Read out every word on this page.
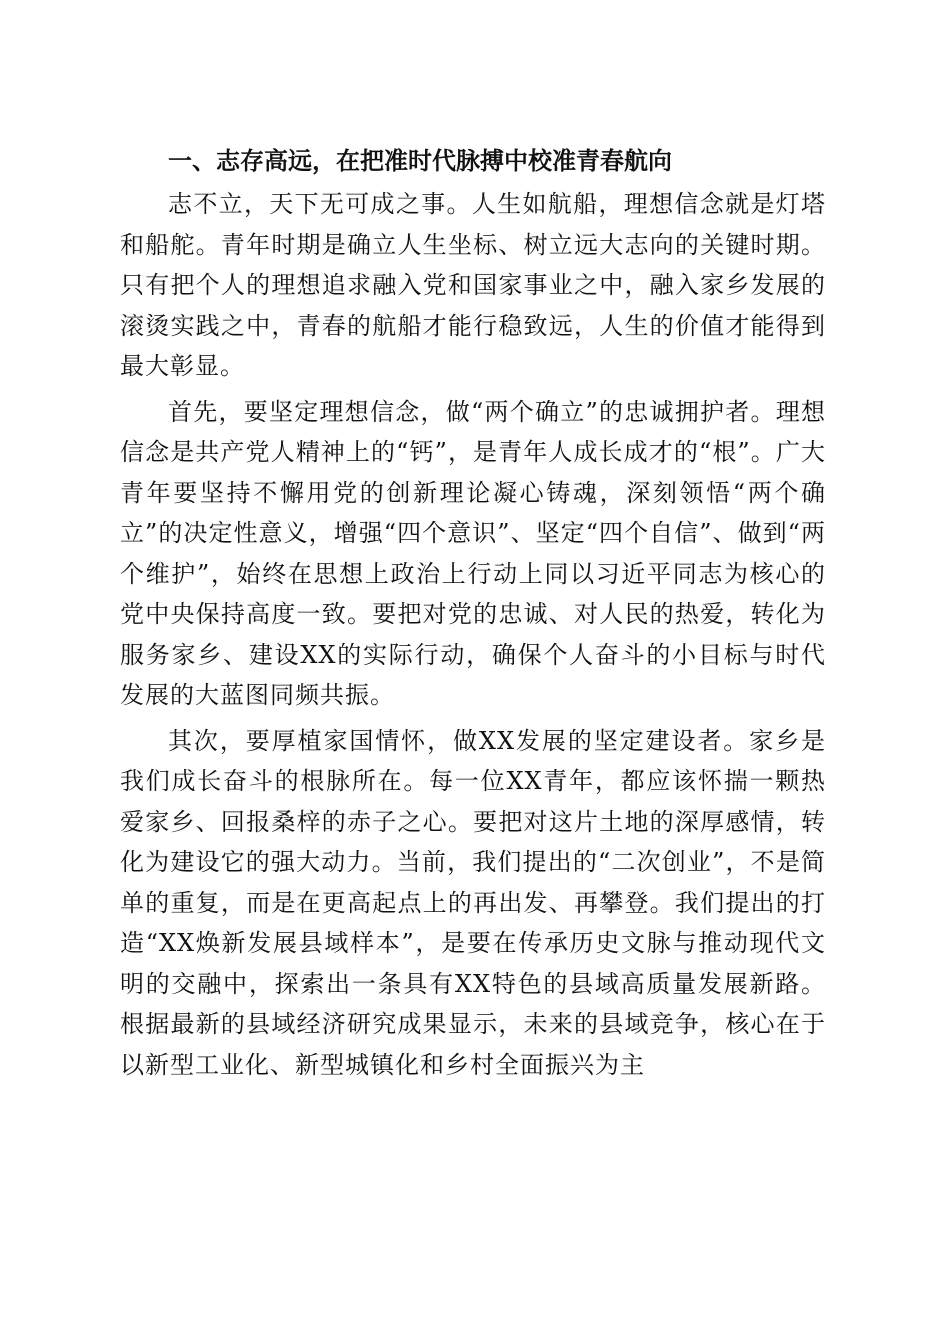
一、志存高远，在把准时代脉搏中校准青春航向

志不立，天下无可成之事。人生如航船，理想信念就是灯塔和船舵。青年时期是确立人生坐标、树立远大志向的关键时期。只有把个人的理想追求融入党和国家事业之中，融入家乡发展的滚烫实践之中，青春的航船才能行稳致远，人生的价值才能得到最大彰显。

首先，要坚定理想信念，做“两个确立”的忠诚拥护者。理想信念是共产党人精神上的“钙”，是青年人成长成才的“根”。广大青年要坚持不懈用党的创新理论凝心铸魂，深刻领悟“两个确立”的决定性意义，增强“四个意识”、坚定“四个自信”、做到“两个维护”，始终在思想上政治上行动上同以习近平同志为核心的党中央保持高度一致。要把对党的忠诚、对人民的热爱，转化为服务家乡、建设XX的实际行动，确保个人奋斗的小目标与时代发展的大蓝图同频共振。

其次，要厚植家国情怀，做XX发展的坚定建设者。家乡是我们成长奋斗的根脉所在。每一位XX青年，都应该怀揣一颗热爱家乡、回报桑梓的赤子之心。要把对这片土地的深厚感情，转化为建设它的强大动力。当前，我们提出的“二次创业”，不是简单的重复，而是在更高起点上的再出发、再攀登。我们提出的打造“XX焕新发展县域样本”，是要在传承历史文脉与推动现代文明的交融中，探索出一条具有XX特色的县域高质量发展新路。根据最新的县域经济研究成果显示，未来的县域竞争，核心在于以新型工业化、新型城镇化和乡村全面振兴为主
